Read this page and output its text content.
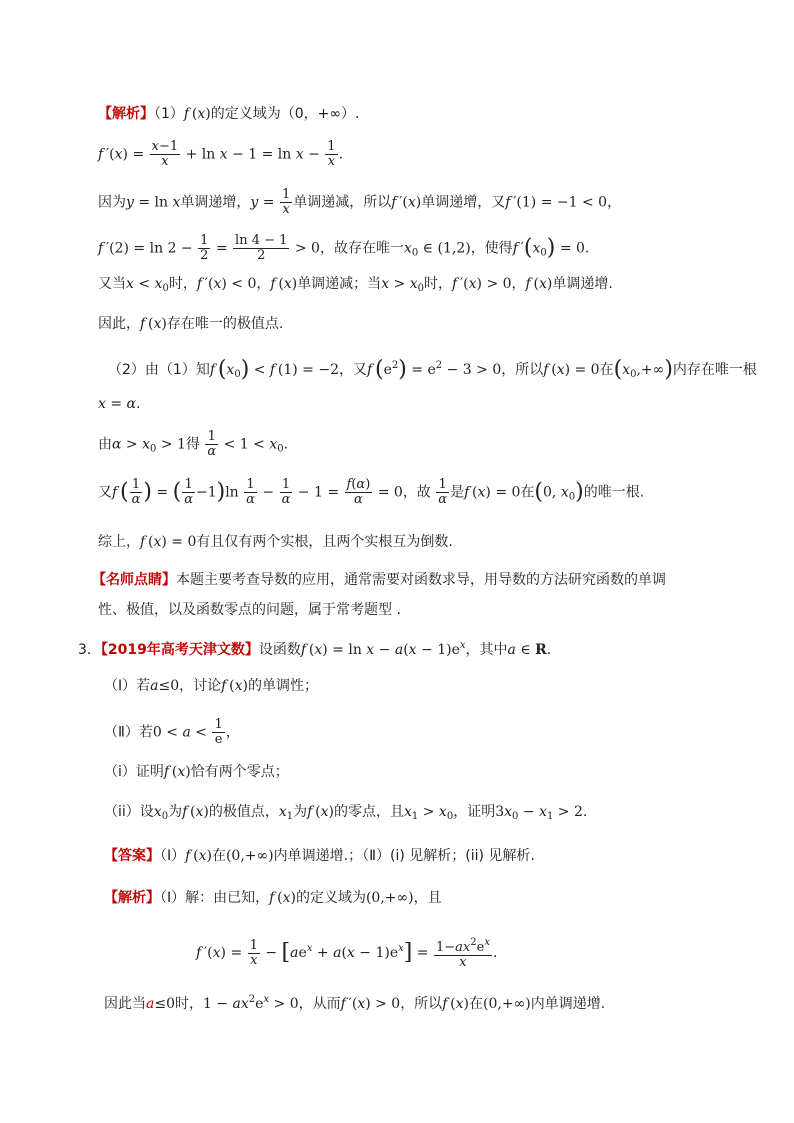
【解析】（1）f (x)的定义域为（0，+∞）.
f $'(x) = \frac{x-1}{x} + \ln x - 1 = \ln x - \frac{1}{x}$ .
因为y = ln x单调递增，$y = \frac{1}{x}$ 单调递减，所以f ′(x)单调递增，又f ′(1) = −1 < 0，
f $'(2) = \ln 2 - \frac{1}{2} = \frac{\ln 4 - 1}{2} > 0$，故存在唯一$x_0$ ∈ (1,2)，使得f $'(x_0) = 0$.
又当$x < x_0$时，f ′(x) < 0，f (x)单调递减；当$x > x_0$时，f ′(x) > 0，f (x)单调递增.
因此，f (x)存在唯一的极值点.
（2）由（1）知f  $(x_0) < f$ (1) = −2，又f  $(e^2) = e^2 - 3 > 0$，所以f (x) = 0在$(x_0,+\infty)$内存在唯一根
x = α.
由$\alpha > x_0 > 1$得 $\frac{1}{\alpha} < 1 < x_0$.
又f  ( $\frac{1}{\alpha}$ ) = ( $\frac{1}{\alpha} -1)\ln \frac{1}{\alpha} - \frac{1}{\alpha} - 1 = \frac{f(\alpha)}{\alpha} = 0$，故 $\frac{1}{\alpha}$ 是f (x) = 0在(0, $x_0$)的唯一根.
综上，f (x) = 0有且仅有两个实根，且两个实根互为倒数.
【名师点睛】本题主要考查导数的应用，通常需要对函数求导，用导数的方法研究函数的单调
性、极值，以及函数零点的问题，属于常考题型 .
3．【2019年高考天津文数】设函数f $(x) = \ln x - a(x - 1)e^x$，其中a ∈ R.
（Ⅰ）若a≤0，讨论f (x)的单调性；
（Ⅱ）若$0 < a < \frac{1}{e}$ ，
（i）证明f (x)恰有两个零点；
（ii）设$x_0$为f (x)的极值点，$x_1$为f (x)的零点，且$x_1 > x_0$，证明$3x_0 - x_1 > 2$.
【答案】（Ⅰ）f (x)在(0,+∞)内单调递增.；（Ⅱ）(i) 见解析；(ii) 见解析.
【解析】（Ⅰ）解：由已知，f (x)的定义域为(0,+∞)，且
f $'(x) = \frac{1}{x} - [ae^x + a(x - 1)e^x] = \frac{1-ax^2e^x}{x}$ .
因此当a≤0时，$1 - ax^2e^x > 0$，从而f ′(x) > 0，所以f (x)在(0,+∞)内单调递增.
